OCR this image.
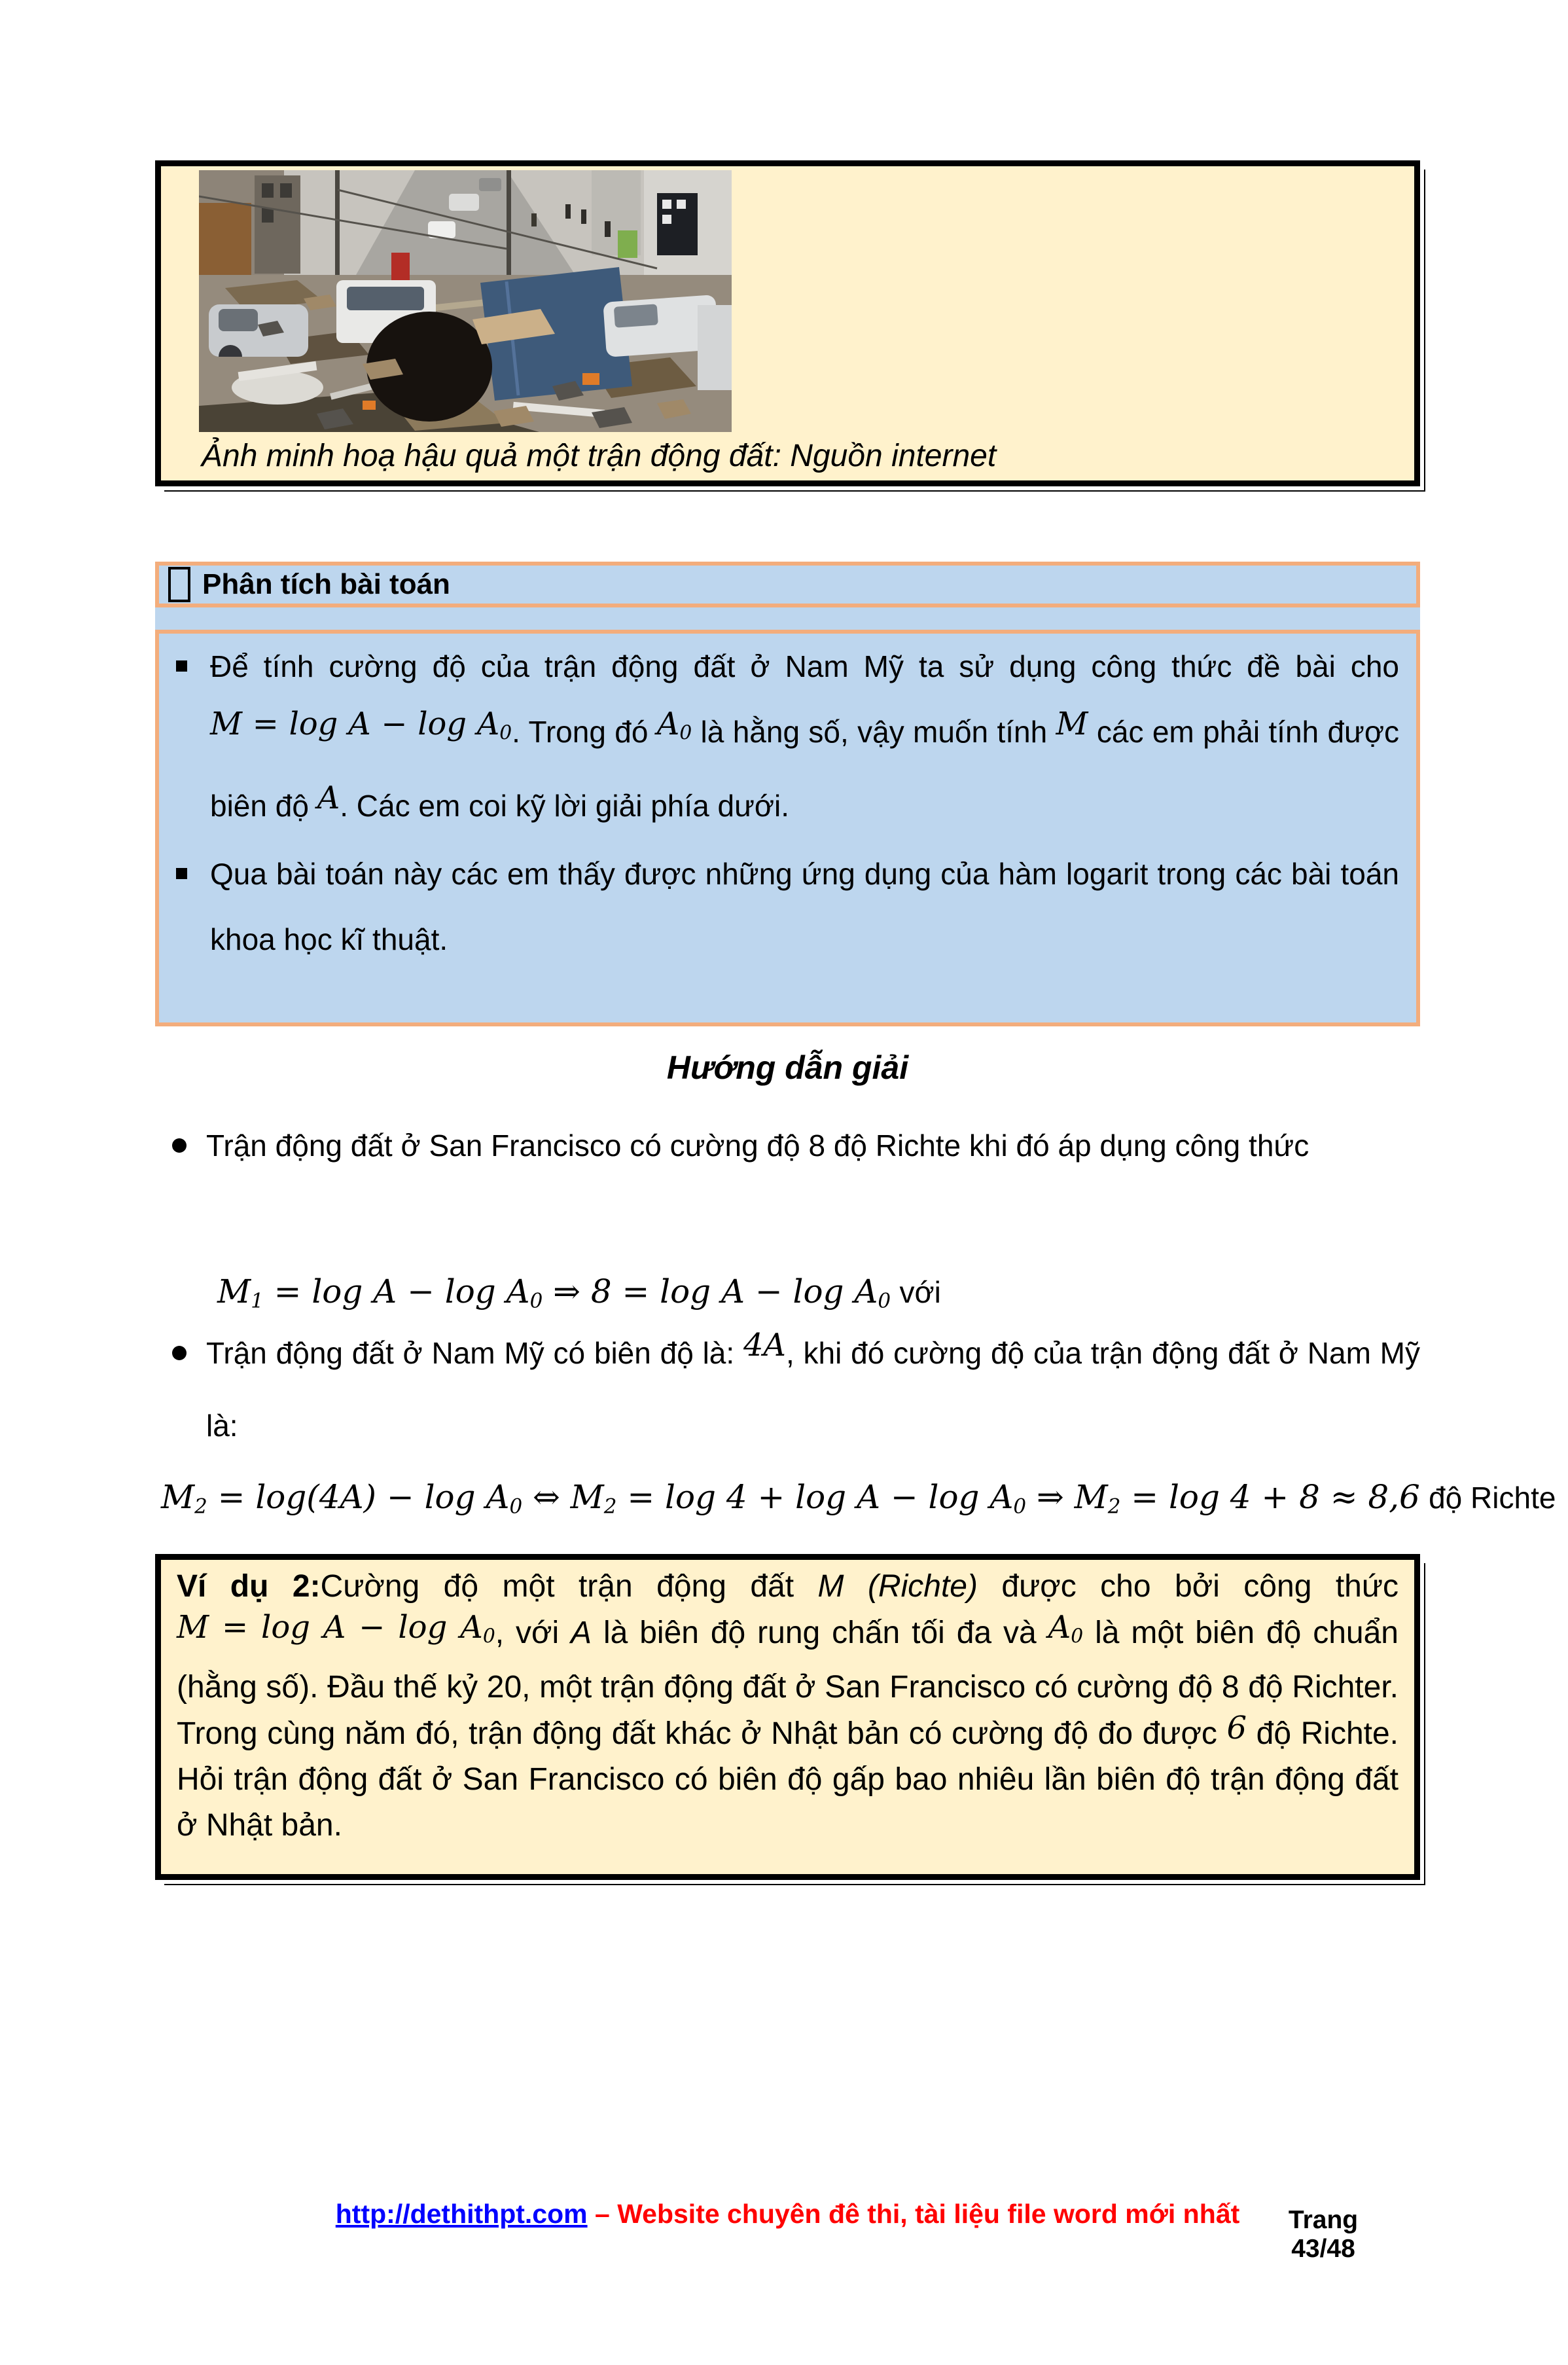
Ảnh minh hoạ hậu quả một trận động đất: Nguồn internet
Phân tích bài toán
Để tính cường độ của trận động đất ở Nam Mỹ ta sử dụng công thức đề bài cho M = log A − log A0. Trong đó A0 là hằng số, vậy muốn tính M các em phải tính được biên độ A. Các em coi kỹ lời giải phía dưới.
Qua bài toán này các em thấy được những ứng dụng của hàm logarit trong các bài toán khoa học kĩ thuật.
Hướng dẫn giải
Trận động đất ở San Francisco có cường độ 8 độ Richte khi đó áp dụng công thức
M1 = log A − log A0 ⇒ 8 = log A − log A0 với
Trận động đất ở Nam Mỹ có biên độ là: 4A, khi đó cường độ của trận động đất ở Nam Mỹ là:
M2 = log(4A) − log A0 ⇔ M2 = log 4 + log A − log A0 ⇒ M2 = log 4 + 8 ≈ 8,6 độ Richte
Ví dụ 2:Cường độ một trận động đất M (Richte) được cho bởi công thức M = log A − log A0, với A là biên độ rung chấn tối đa và A0 là một biên độ chuẩn (hằng số). Đầu thế kỷ 20, một trận động đất ở San Francisco có cường độ 8 độ Richter. Trong cùng năm đó, trận động đất khác ở Nhật bản có cường độ đo được 6 độ Richte. Hỏi trận động đất ở San Francisco có biên độ gấp bao nhiêu lần biên độ trận động đất ở Nhật bản.
http://dethithpt.com – Website chuyên đê thi, tài liệu file word mới nhất	Trang
43/48
